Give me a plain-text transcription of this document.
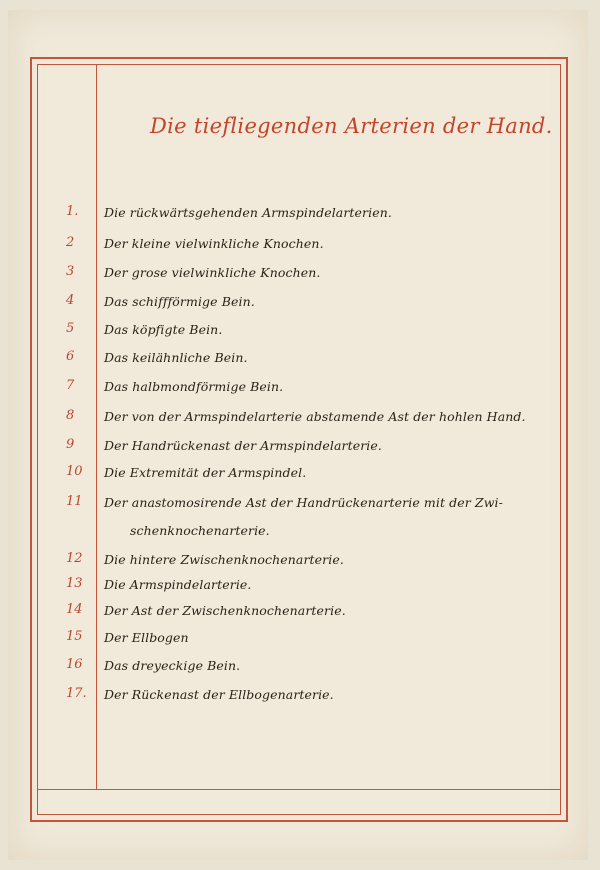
Die tiefliegenden Arterien der Hand.
1.	Die rückwärtsgehenden Armspindelarterien.
2	Der kleine vielwinkliche Knochen.
3	Der grose vielwinkliche Knochen.
4	Das schiffförmige Bein.
5	Das köpfigte Bein.
6	Das keilähnliche Bein.
7	Das halbmondförmige Bein.
8	Der von der Armspindelarterie abstamende Ast der hohlen Hand.
9	Der Handrückenast der Armspindelarterie.
10	Die Extremität der Armspindel.
11	Der anastomosirende Ast der Handrückenarterie mit der Zwi-
schenknochenarterie.
12	Die hintere Zwischenknochenarterie.
13	Die Armspindelarterie.
14	Der Ast der Zwischenknochenarterie.
15	Der Ellbogen
16	Das dreyeckige Bein.
17.	Der Rückenast der Ellbogenarterie.
